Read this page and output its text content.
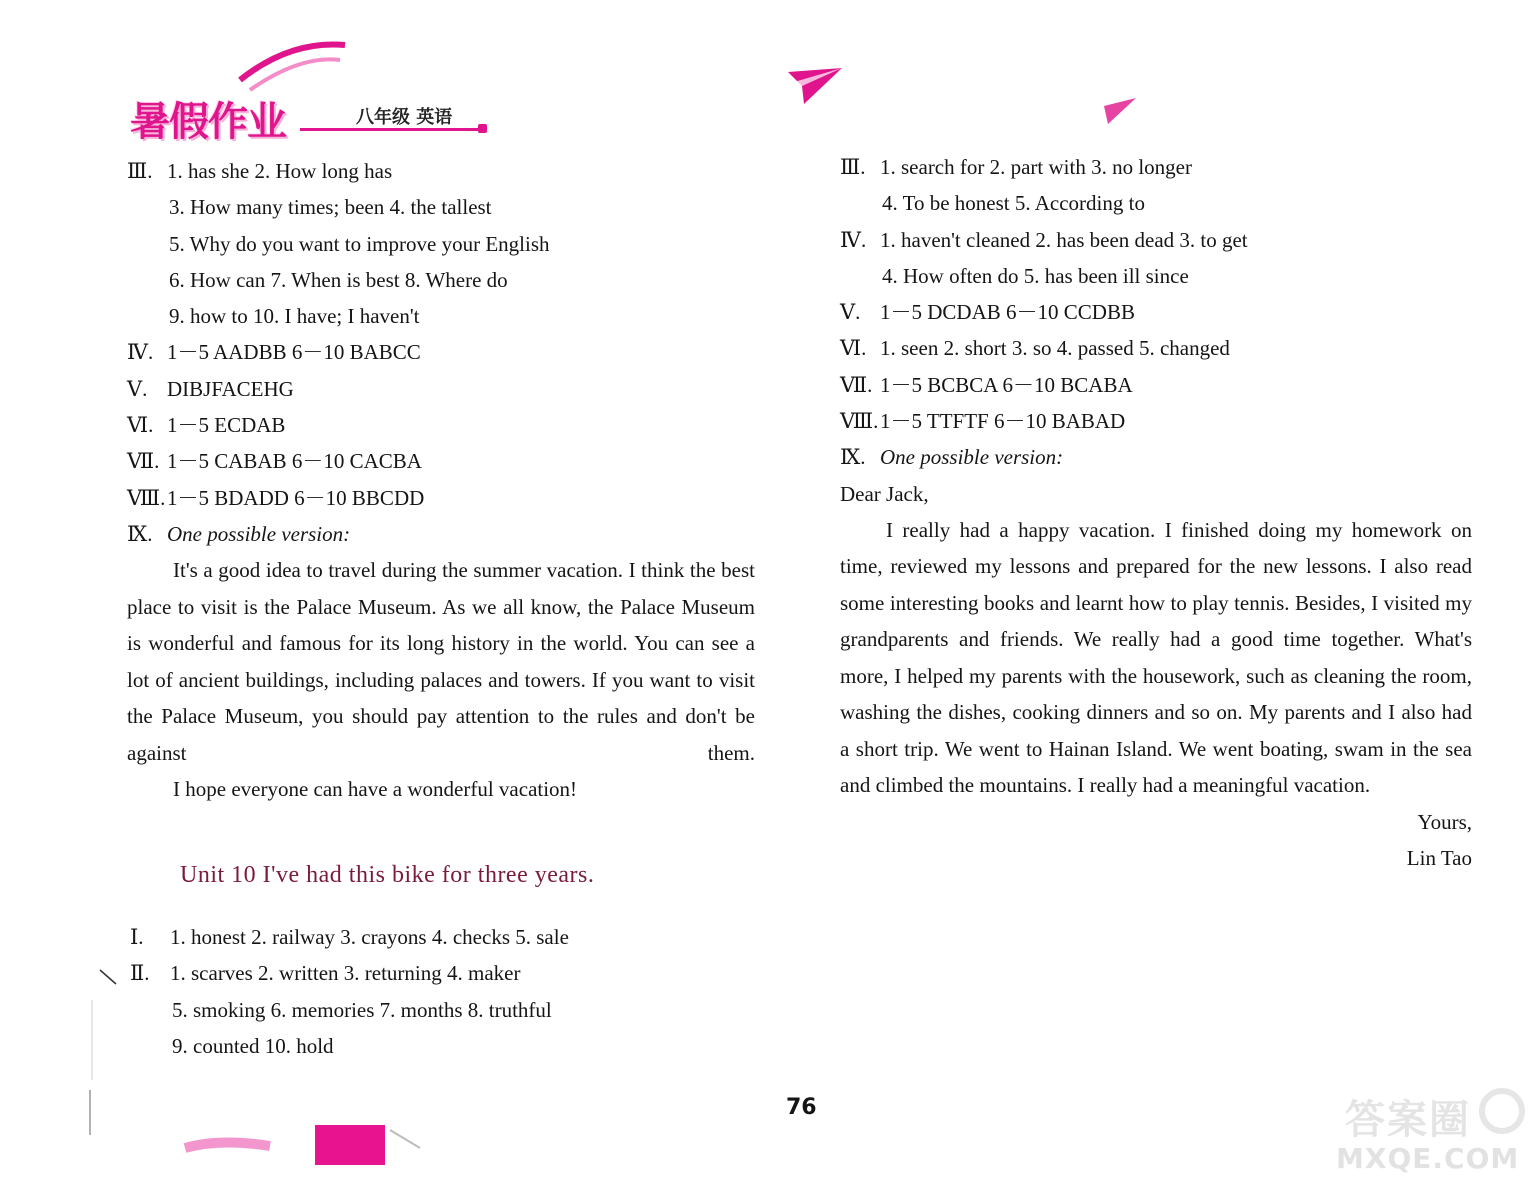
暑假作业	八年级 英语
Ⅲ. 1. has she 2. How long has
3. How many times; been 4. the tallest
5. Why do you want to improve your English
6. How can 7. When is best 8. Where do
9. how to 10. I have; I haven't
Ⅳ. 1－5 AADBB 6－10 BABCC
Ⅴ. DIBJFACEHG
Ⅵ. 1－5 ECDAB
Ⅶ. 1－5 CABAB 6－10 CACBA
Ⅷ.1－5 BDADD 6－10 BBCDD
Ⅸ. One possible version:
It's a good idea to travel during the summer vacation. I think the best place to visit is the Palace Museum. As we all know, the Palace Museum is wonderful and famous for its long history in the world. You can see a lot of ancient buildings, including palaces and towers. If you want to visit the Palace Museum, you should pay attention to the rules and don't be against them.
I hope everyone can have a wonderful vacation!
Unit 10 I've had this bike for three years.
Ⅰ. 1. honest 2. railway 3. crayons 4. checks 5. sale
Ⅱ. 1. scarves 2. written 3. returning 4. maker
5. smoking 6. memories 7. months 8. truthful
9. counted 10. hold
Ⅲ. 1. search for 2. part with 3. no longer
4. To be honest 5. According to
Ⅳ. 1. haven't cleaned 2. has been dead 3. to get
4. How often do 5. has been ill since
Ⅴ. 1－5 DCDAB 6－10 CCDBB
Ⅵ. 1. seen 2. short 3. so 4. passed 5. changed
Ⅶ. 1－5 BCBCA 6－10 BCABA
Ⅷ.1－5 TTFTF 6－10 BABAD
Ⅸ. One possible version:
Dear Jack,
I really had a happy vacation. I finished doing my homework on time, reviewed my lessons and prepared for the new lessons. I also read some interesting books and learnt how to play tennis. Besides, I visited my grandparents and friends. We really had a good time together. What's more, I helped my parents with the housework, such as cleaning the room, washing the dishes, cooking dinners and so on. My parents and I also had a short trip. We went to Hainan Island. We went boating, swam in the sea and climbed the mountains. I really had a meaningful vacation.
Yours,
Lin Tao
76	答案圈
MXQE.COM
